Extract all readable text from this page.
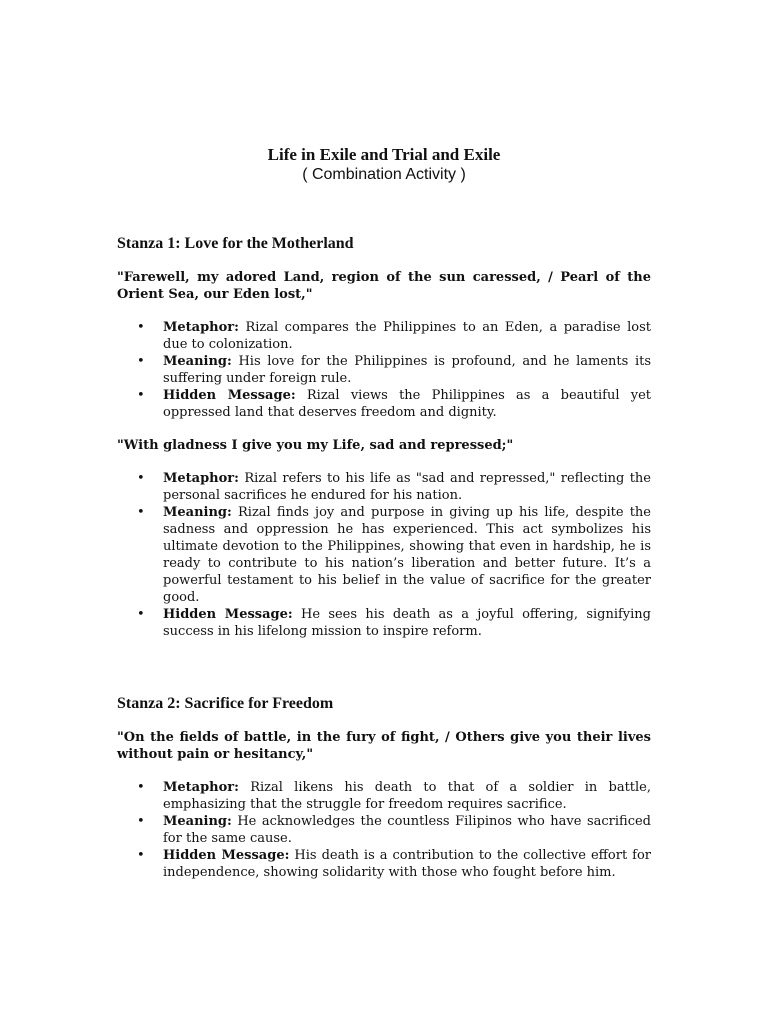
Life in Exile and Trial and Exile
( Combination Activity )
Stanza 1: Love for the Motherland

"Farewell, my adored Land, region of the sun caressed, / Pearl of the Orient Sea, our Eden lost,"

•	Metaphor: Rizal compares the Philippines to an Eden, a paradise lost due to colonization.
•	Meaning: His love for the Philippines is profound, and he laments its suffering under foreign rule.
•	Hidden Message: Rizal views the Philippines as a beautiful yet oppressed land that deserves freedom and dignity.

"With gladness I give you my Life, sad and repressed;"

•	Metaphor: Rizal refers to his life as "sad and repressed," reflecting the personal sacrifices he endured for his nation.
•	Meaning: Rizal finds joy and purpose in giving up his life, despite the sadness and oppression he has experienced. This act symbolizes his ultimate devotion to the Philippines, showing that even in hardship, he is ready to contribute to his nation’s liberation and better future. It’s a powerful testament to his belief in the value of sacrifice for the greater good.
•	Hidden Message: He sees his death as a joyful offering, signifying success in his lifelong mission to inspire reform.
Stanza 2: Sacrifice for Freedom

"On the fields of battle, in the fury of fight, / Others give you their lives without pain or hesitancy,"

•	Metaphor: Rizal likens his death to that of a soldier in battle, emphasizing that the struggle for freedom requires sacrifice.
•	Meaning: He acknowledges the countless Filipinos who have sacrificed for the same cause.
•	Hidden Message: His death is a contribution to the collective effort for independence, showing solidarity with those who fought before him.
